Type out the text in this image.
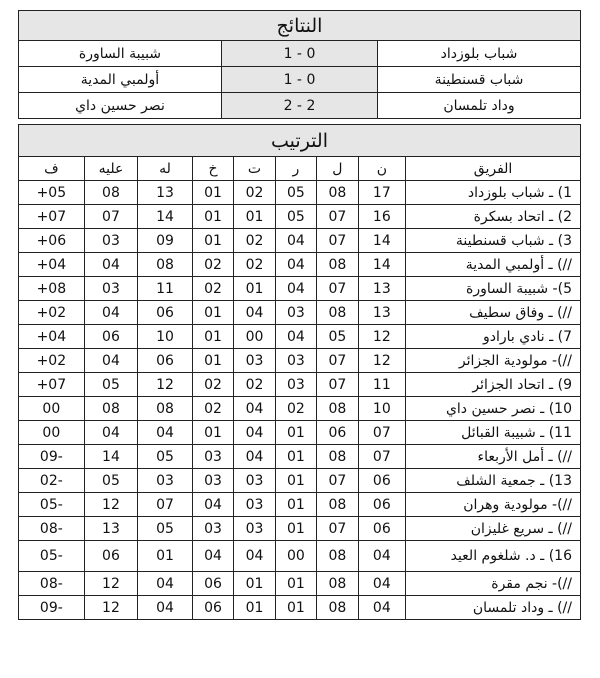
النتائج		
شبيبة الساورة	1 - 0	شباب بلوزداد
أولمبي المدية	1 - 0	شباب قسنطينة
نصر حسين داي	2 - 2	وداد تلمسان
الترتيب								
ف	عليه	له	خ	ت	ر	ل	ن	الفريق
+05	08	13	01	02	05	08	17	1) ـ شباب بلوزداد
+07	07	14	01	01	05	07	16	2) ـ اتحاد بسكرة
+06	03	09	01	02	04	07	14	3) ـ شباب قسنطينة
+04	04	08	02	02	04	08	14	//) ـ أولمبي المدية
+08	03	11	02	01	04	07	13	5)- شبيبة الساورة
+02	04	06	01	04	03	08	13	//) ـ وفاق سطيف
+04	06	10	01	00	04	05	12	7) ـ نادي بارادو
+02	04	06	01	03	03	07	12	//)- مولودية الجزائر
+07	05	12	02	02	03	07	11	9) ـ اتحاد الجزائر
00	08	08	02	04	02	08	10	10) ـ نصر حسين داي
00	04	04	01	04	01	06	07	11) ـ شبيبة القبائل
09-	14	05	03	04	01	08	07	//) ـ أمل الأربعاء
02-	05	03	03	03	01	07	06	13) ـ جمعية الشلف
05-	12	07	04	03	01	08	06	//)- مولودية وهران
08-	13	05	03	03	01	07	06	//) ـ سريع غليزان
05-	06	01	04	04	00	08	04	16) ـ د. شلغوم العيد
08-	12	04	06	01	01	08	04	//)- نجم مقرة
09-	12	04	06	01	01	08	04	//) ـ وداد تلمسان
